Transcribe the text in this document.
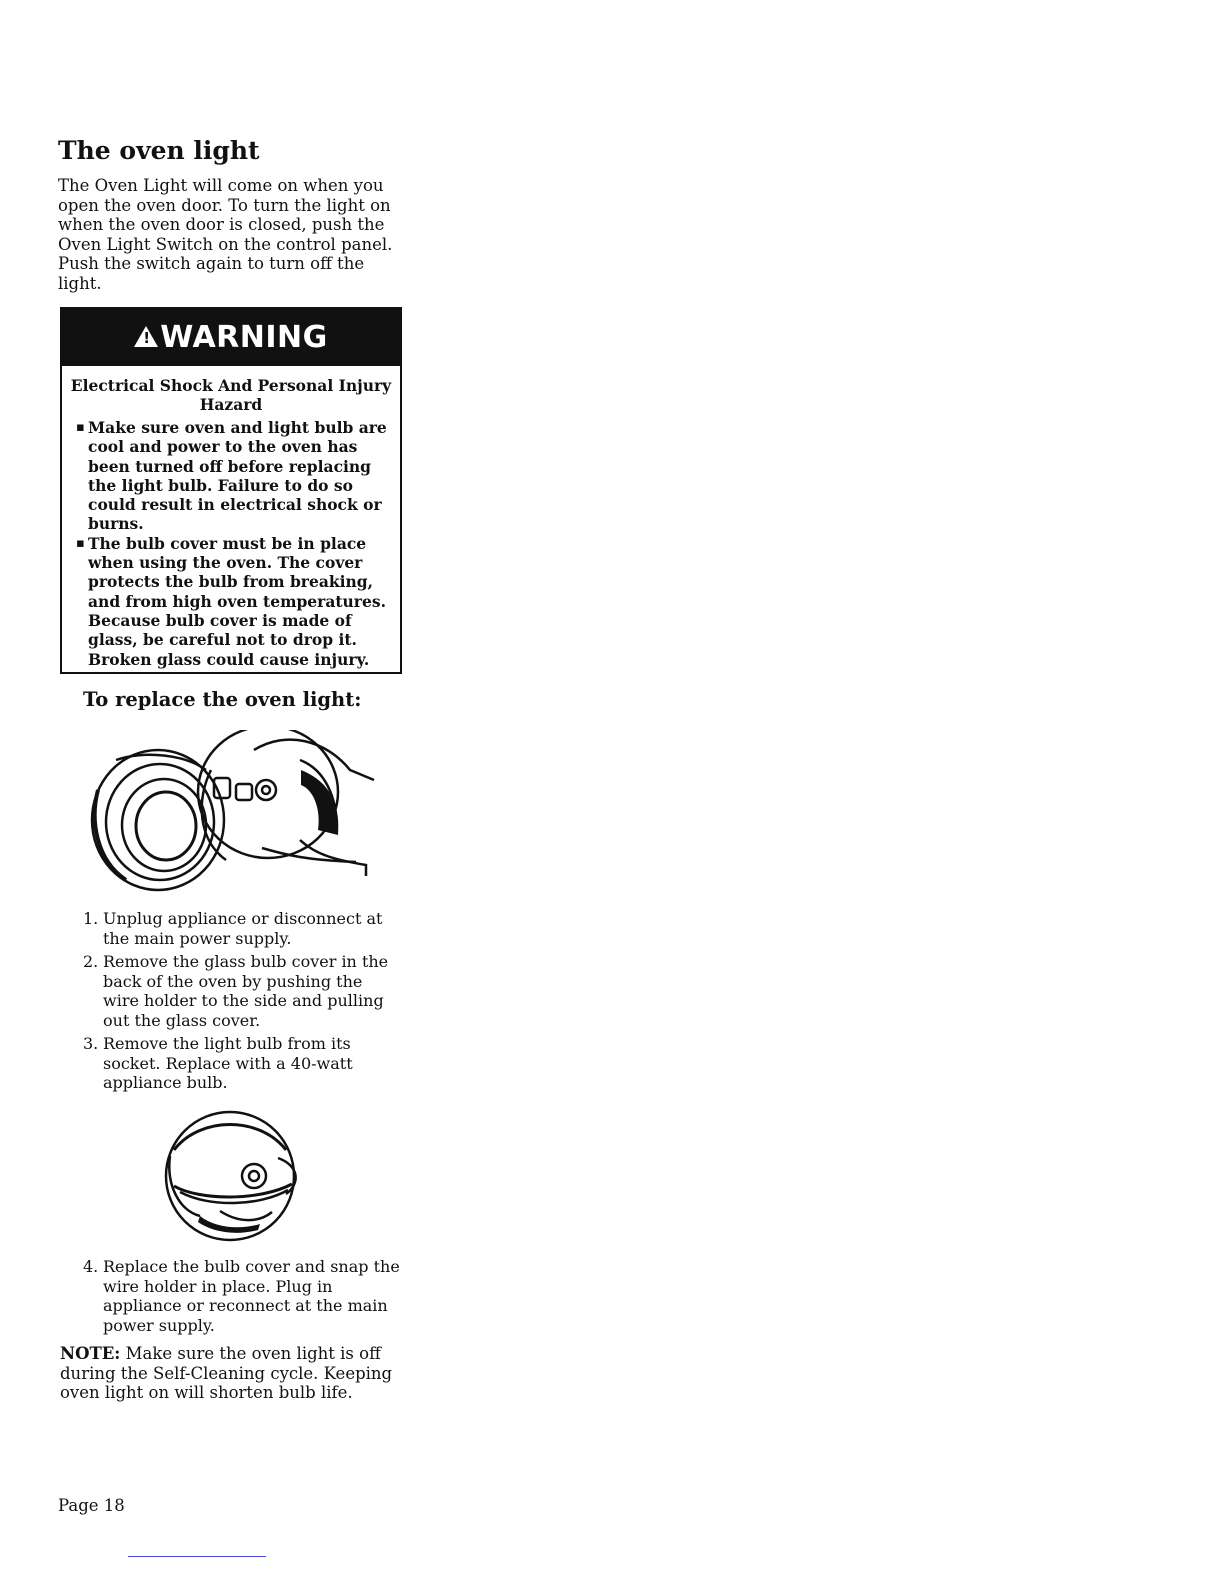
The oven light

The Oven Light will come on when you open the oven door. To turn the light on when the oven door is closed, push the Oven Light Switch on the control panel. Push the switch again to turn off the light.

!
WARNING
Electrical Shock And Personal Injury Hazard
▪ Make sure oven and light bulb are cool and power to the oven has been turned off before replacing the light bulb. Failure to do so could result in electrical shock or burns.
▪ The bulb cover must be in place when using the oven. The cover protects the bulb from breaking, and from high oven temperatures. Because bulb cover is made of glass, be careful not to drop it. Broken glass could cause injury.
To replace the oven light:
1. Unplug appliance or disconnect at the main power supply.
2. Remove the glass bulb cover in the back of the oven by pushing the wire holder to the side and pulling out the glass cover.
3. Remove the light bulb from its socket. Replace with a 40-watt appliance bulb.
4. Replace the bulb cover and snap the wire holder in place. Plug in appliance or reconnect at the main power supply.

NOTE: Make sure the oven light is off during the Self-Cleaning cycle. Keeping oven light on will shorten bulb life.

Page 18
